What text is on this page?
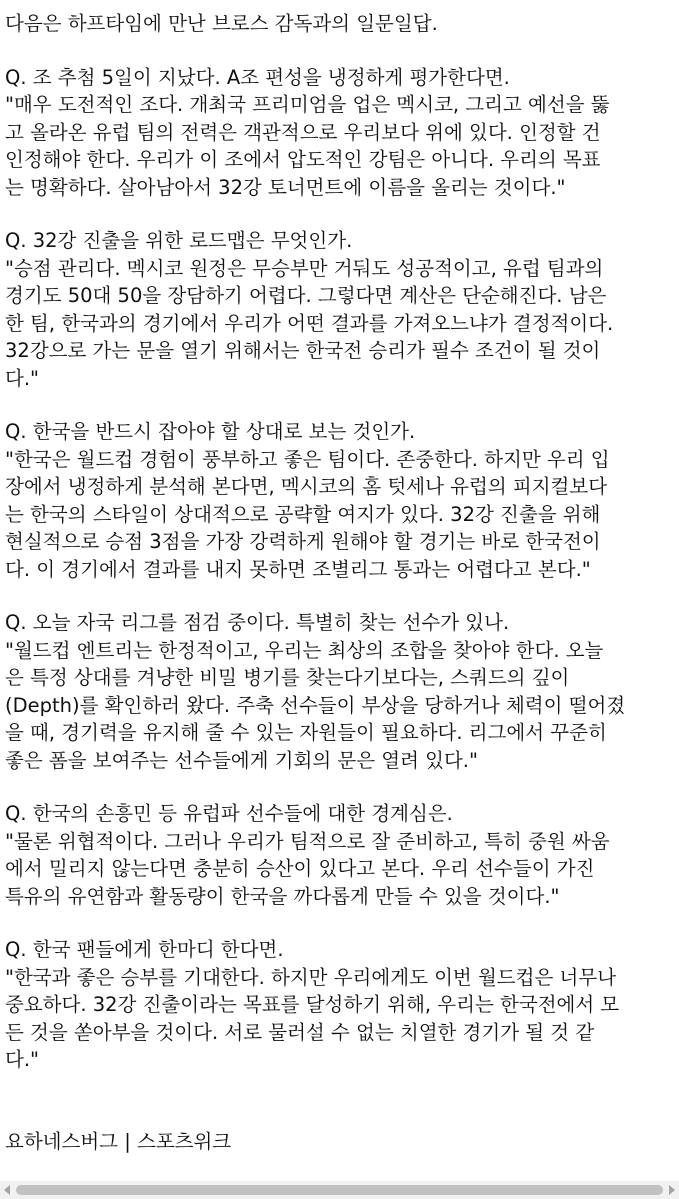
다음은 하프타임에 만난 브로스 감독과의 일문일답.
Q. 조 추첨 5일이 지났다. A조 편성을 냉정하게 평가한다면.
"매우 도전적인 조다. 개최국 프리미엄을 업은 멕시코, 그리고 예선을 뚫
고 올라온 유럽 팀의 전력은 객관적으로 우리보다 위에 있다. 인정할 건
인정해야 한다. 우리가 이 조에서 압도적인 강팀은 아니다. 우리의 목표
는 명확하다. 살아남아서 32강 토너먼트에 이름을 올리는 것이다."
Q. 32강 진출을 위한 로드맵은 무엇인가.
"승점 관리다. 멕시코 원정은 무승부만 거둬도 성공적이고, 유럽 팀과의
경기도 50대 50을 장담하기 어렵다. 그렇다면 계산은 단순해진다. 남은
한 팀, 한국과의 경기에서 우리가 어떤 결과를 가져오느냐가 결정적이다.
32강으로 가는 문을 열기 위해서는 한국전 승리가 필수 조건이 될 것이
다."
Q. 한국을 반드시 잡아야 할 상대로 보는 것인가.
"한국은 월드컵 경험이 풍부하고 좋은 팀이다. 존중한다. 하지만 우리 입
장에서 냉정하게 분석해 본다면, 멕시코의 홈 텃세나 유럽의 피지컬보다
는 한국의 스타일이 상대적으로 공략할 여지가 있다. 32강 진출을 위해
현실적으로 승점 3점을 가장 강력하게 원해야 할 경기는 바로 한국전이
다. 이 경기에서 결과를 내지 못하면 조별리그 통과는 어렵다고 본다."
Q. 오늘 자국 리그를 점검 중이다. 특별히 찾는 선수가 있나.
"월드컵 엔트리는 한정적이고, 우리는 최상의 조합을 찾아야 한다. 오늘
은 특정 상대를 겨냥한 비밀 병기를 찾는다기보다는, 스쿼드의 깊이
(Depth)를 확인하러 왔다. 주축 선수들이 부상을 당하거나 체력이 떨어졌
을 때, 경기력을 유지해 줄 수 있는 자원들이 필요하다. 리그에서 꾸준히
좋은 폼을 보여주는 선수들에게 기회의 문은 열려 있다."
Q. 한국의 손흥민 등 유럽파 선수들에 대한 경계심은.
"물론 위협적이다. 그러나 우리가 팀적으로 잘 준비하고, 특히 중원 싸움
에서 밀리지 않는다면 충분히 승산이 있다고 본다. 우리 선수들이 가진
특유의 유연함과 활동량이 한국을 까다롭게 만들 수 있을 것이다."
Q. 한국 팬들에게 한마디 한다면.
"한국과 좋은 승부를 기대한다. 하지만 우리에게도 이번 월드컵은 너무나
중요하다. 32강 진출이라는 목표를 달성하기 위해, 우리는 한국전에서 모
든 것을 쏟아부을 것이다. 서로 물러설 수 없는 치열한 경기가 될 것 같
다."
요하네스버그 | 스포츠위크
